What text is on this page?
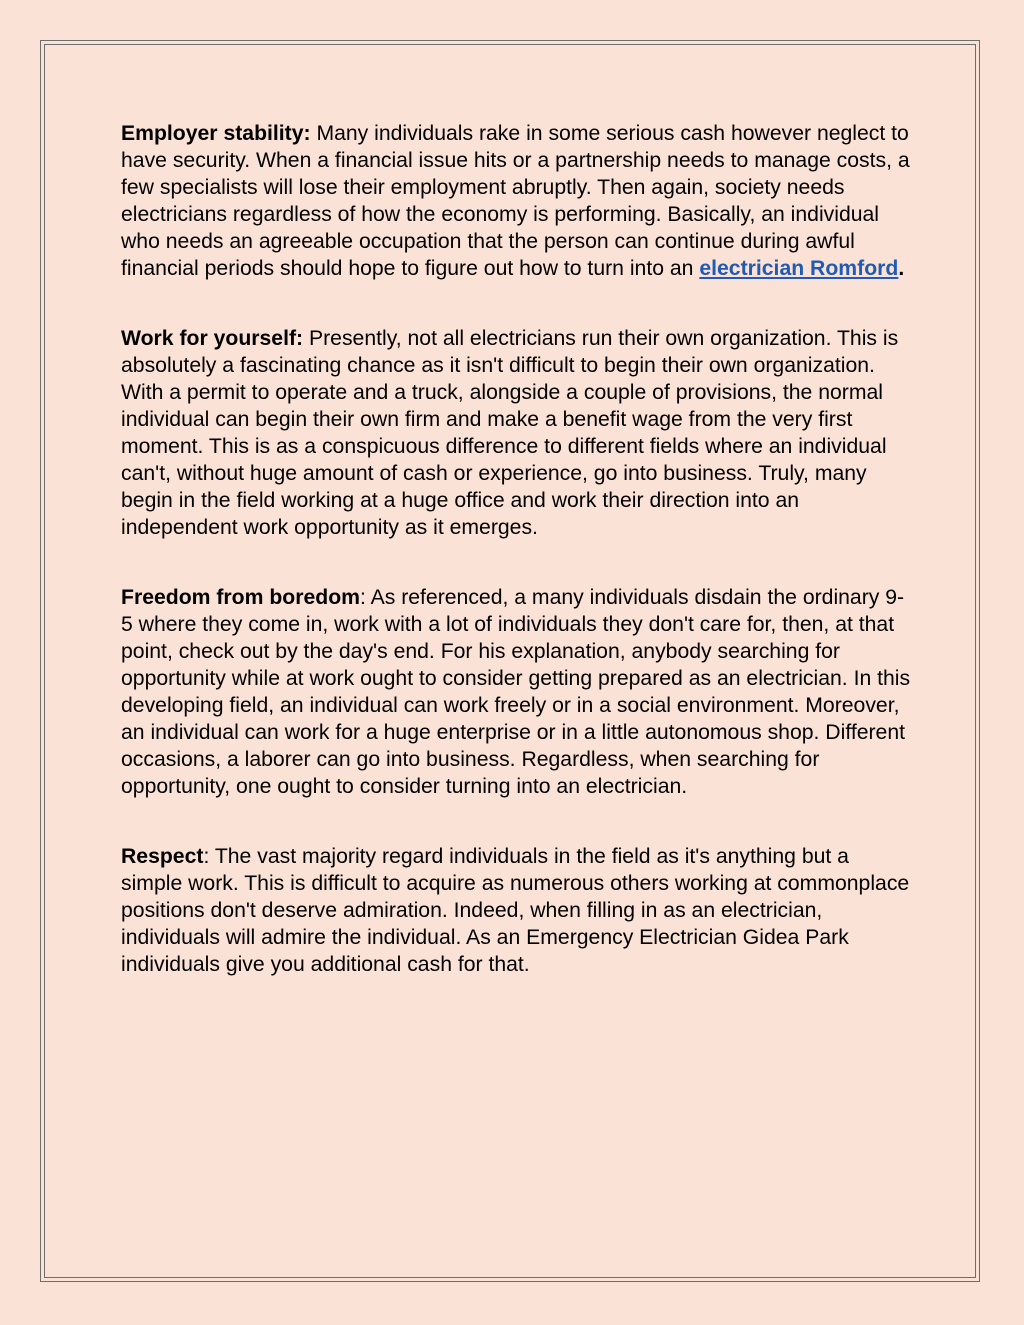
Employer stability: Many individuals rake in some serious cash however neglect to have security. When a financial issue hits or a partnership needs to manage costs, a few specialists will lose their employment abruptly. Then again, society needs electricians regardless of how the economy is performing. Basically, an individual who needs an agreeable occupation that the person can continue during awful financial periods should hope to figure out how to turn into an electrician Romford.

Work for yourself: Presently, not all electricians run their own organization. This is absolutely a fascinating chance as it isn't difficult to begin their own organization. With a permit to operate and a truck, alongside a couple of provisions, the normal individual can begin their own firm and make a benefit wage from the very first moment. This is as a conspicuous difference to different fields where an individual can't, without huge amount of cash or experience, go into business. Truly, many begin in the field working at a huge office and work their direction into an independent work opportunity as it emerges.

Freedom from boredom: As referenced, a many individuals disdain the ordinary 9-5 where they come in, work with a lot of individuals they don't care for, then, at that point, check out by the day's end. For his explanation, anybody searching for opportunity while at work ought to consider getting prepared as an electrician. In this developing field, an individual can work freely or in a social environment. Moreover, an individual can work for a huge enterprise or in a little autonomous shop. Different occasions, a laborer can go into business. Regardless, when searching for opportunity, one ought to consider turning into an electrician.

Respect: The vast majority regard individuals in the field as it's anything but a simple work. This is difficult to acquire as numerous others working at commonplace positions don't deserve admiration. Indeed, when filling in as an electrician, individuals will admire the individual. As an Emergency Electrician Gidea Park individuals give you additional cash for that.
